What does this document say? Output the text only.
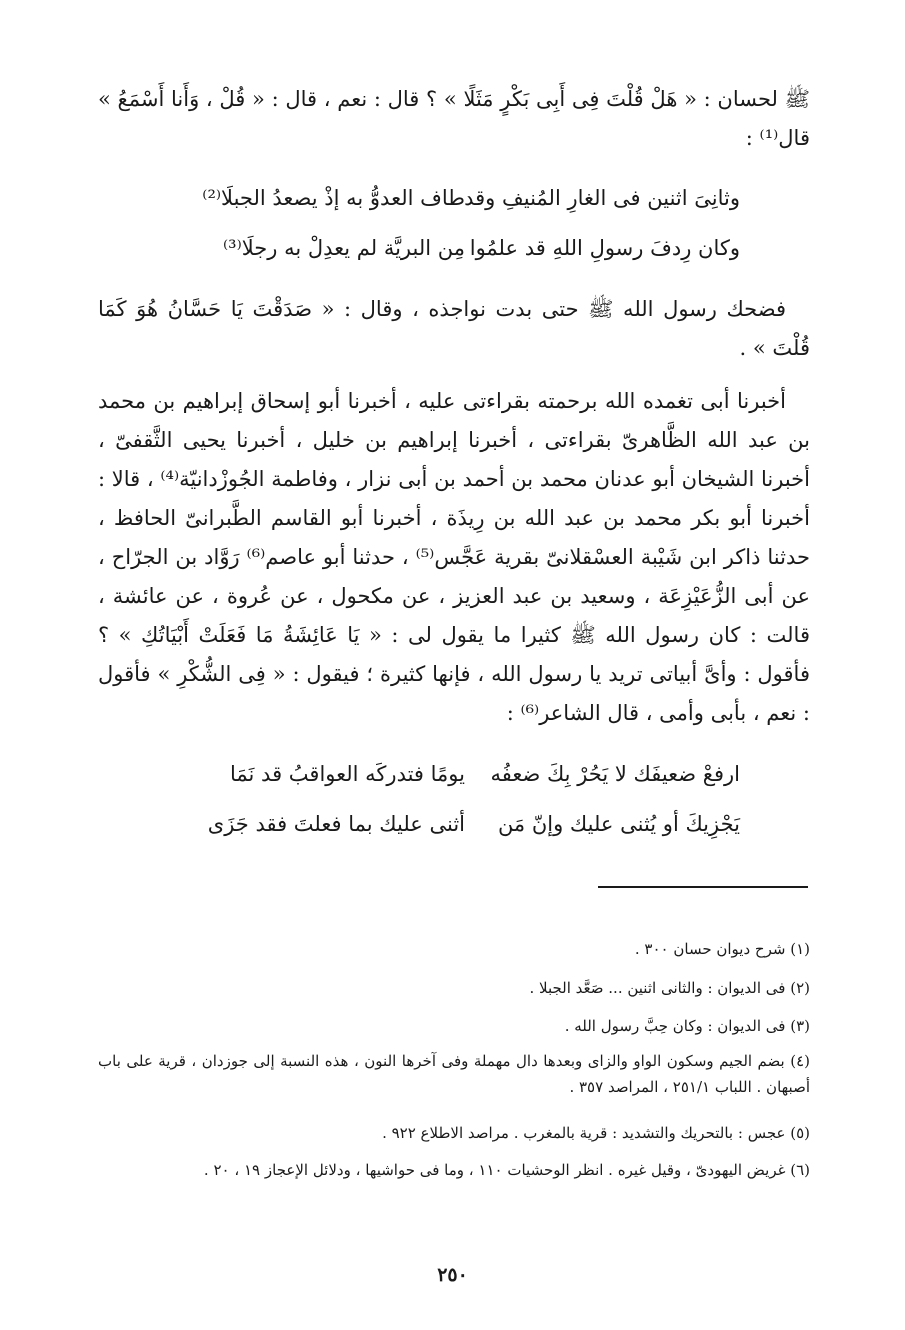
ﷺ لحسان : « هَلْ قُلْتَ فِى أَبِى بَكْرٍ مَثَلًا » ؟ قال : نعم ، قال : « قُلْ ، وَأَنا أَسْمَعُ » قال⁽¹⁾ :

وثانِىَ اثنين فى الغارِ المُنيفِ وقد
طاف العدوُّ به إذْ يصعدُ الجبلَا⁽²⁾
وكان رِدفَ رسولِ اللهِ قد علمُوا
مِن البريَّة لم يعدِلْ به رجلَا⁽³⁾

فضحك رسول الله ﷺ حتى بدت نواجذه ، وقال : « صَدَقْتَ يَا حَسَّانُ هُوَ كَمَا قُلْتَ » .

أخبرنا أبى تغمده الله برحمته بقراءتى عليه ، أخبرنا أبو إسحاق إبراهيم بن محمد بن عبد الله الظَّاهرىّ بقراءتى ، أخبرنا إبراهيم بن خليل ، أخبرنا يحيى الثَّقفىّ ، أخبرنا الشيخان أبو عدنان محمد بن أحمد بن أبى نزار ، وفاطمة الجُوزْدانيّة⁽⁴⁾ ، قالا : أخبرنا أبو بكر محمد بن عبد الله بن رِيذَة ، أخبرنا أبو القاسم الطَّبرانىّ الحافظ ، حدثنا ذاكر ابن شَيْبة العسْقلانىّ بقرية عَجَّس⁽⁵⁾ ، حدثنا أبو عاصم⁽⁶⁾ رَوَّاد بن الجرّاح ، عن أبى الزُّعَيْزِعَة ، وسعيد بن عبد العزيز ، عن مكحول ، عن عُروة ، عن عائشة ، قالت : كان رسول الله ﷺ كثيرا ما يقول لى : « يَا عَائِشَةُ مَا فَعَلَتْ أَبْيَاتُكِ » ؟ فأقول : وأىَّ أبياتى تريد يا رسول الله ، فإنها كثيرة ؛ فيقول : « فِى الشُّكْرِ » فأقول : نعم ، بأبى وأمى ، قال الشاعر⁽⁶⁾ :

ارفعْ ضعيفَك لا يَحُرْ بِكَ ضعفُه
يومًا فتدركَه العواقبُ قد نَمَا
يَجْزِيكَ أو يُثنى عليك وإنّ مَن
أثنى عليك بما فعلتَ فقد جَزَى
(١) شرح ديوان حسان ٣٠٠ .
(٢) فى الديوان : والثانى اثنين ... صَعَّد الجبلا .
(٣) فى الديوان : وكان حِبَّ رسول الله .
(٤) بضم الجيم وسكون الواو والزاى وبعدها دال مهملة وفى آخرها النون ، هذه النسبة إلى جوزدان ، قرية على باب أصبهان . اللباب ٢٥١/١ ، المراصد ٣٥٧ .
(٥) عجس : بالتحريك والتشديد : قرية بالمغرب . مراصد الاطلاع ٩٢٢ .
(٦) غريض اليهودىّ ، وقيل غيره . انظر الوحشيات ١١٠ ، وما فى حواشيها ، ودلائل الإعجاز ١٩ ، ٢٠ .
٢٥٠
